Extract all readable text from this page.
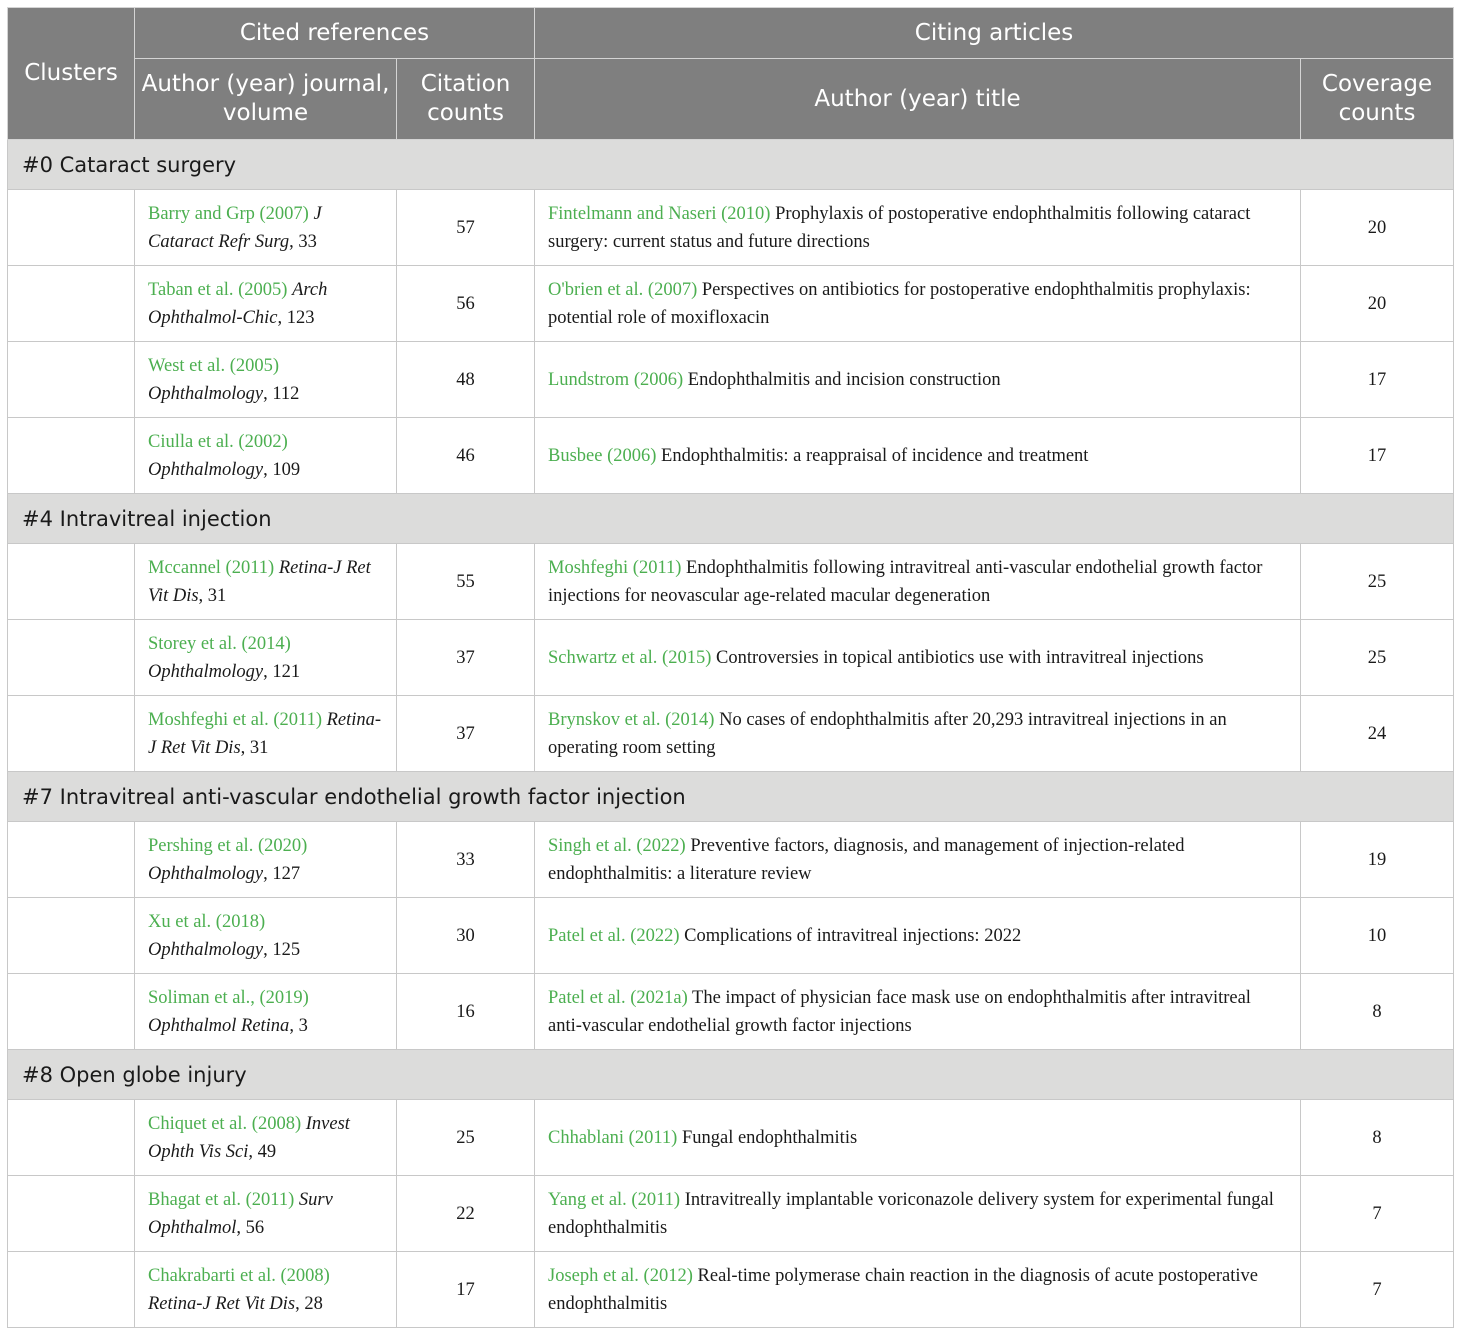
Clusters	Cited references		Citing articles	
	Author (year) journal, volume	Citation counts	Author (year) title	Coverage counts
#0 Cataract surgery				
	Barry and Grp (2007) J Cataract Refr Surg, 33	57	Fintelmann and Naseri (2010) Prophylaxis of postoperative endophthalmitis following cataract surgery: current status and future directions	20
	Taban et al. (2005) Arch Ophthalmol-Chic, 123	56	O'brien et al. (2007) Perspectives on antibiotics for postoperative endophthalmitis prophylaxis: potential role of moxifloxacin	20
	West et al. (2005) Ophthalmology, 112	48	Lundstrom (2006) Endophthalmitis and incision construction	17
	Ciulla et al. (2002) Ophthalmology, 109	46	Busbee (2006) Endophthalmitis: a reappraisal of incidence and treatment	17
#4 Intravitreal injection				
	Mccannel (2011) Retina-J Ret Vit Dis, 31	55	Moshfeghi (2011) Endophthalmitis following intravitreal anti-vascular endothelial growth factor injections for neovascular age-related macular degeneration	25
	Storey et al. (2014) Ophthalmology, 121	37	Schwartz et al. (2015) Controversies in topical antibiotics use with intravitreal injections	25
	Moshfeghi et al. (2011) Retina-J Ret Vit Dis, 31	37	Brynskov et al. (2014) No cases of endophthalmitis after 20,293 intravitreal injections in an operating room setting	24
#7 Intravitreal anti-vascular endothelial growth factor injection				
	Pershing et al. (2020) Ophthalmology, 127	33	Singh et al. (2022) Preventive factors, diagnosis, and management of injection-related endophthalmitis: a literature review	19
	Xu et al. (2018) Ophthalmology, 125	30	Patel et al. (2022) Complications of intravitreal injections: 2022	10
	Soliman et al., (2019) Ophthalmol Retina, 3	16	Patel et al. (2021a) The impact of physician face mask use on endophthalmitis after intravitreal anti-vascular endothelial growth factor injections	8
#8 Open globe injury				
	Chiquet et al. (2008) Invest Ophth Vis Sci, 49	25	Chhablani (2011) Fungal endophthalmitis	8
	Bhagat et al. (2011) Surv Ophthalmol, 56	22	Yang et al. (2011) Intravitreally implantable voriconazole delivery system for experimental fungal endophthalmitis	7
	Chakrabarti et al. (2008) Retina-J Ret Vit Dis, 28	17	Joseph et al. (2012) Real-time polymerase chain reaction in the diagnosis of acute postoperative endophthalmitis	7
